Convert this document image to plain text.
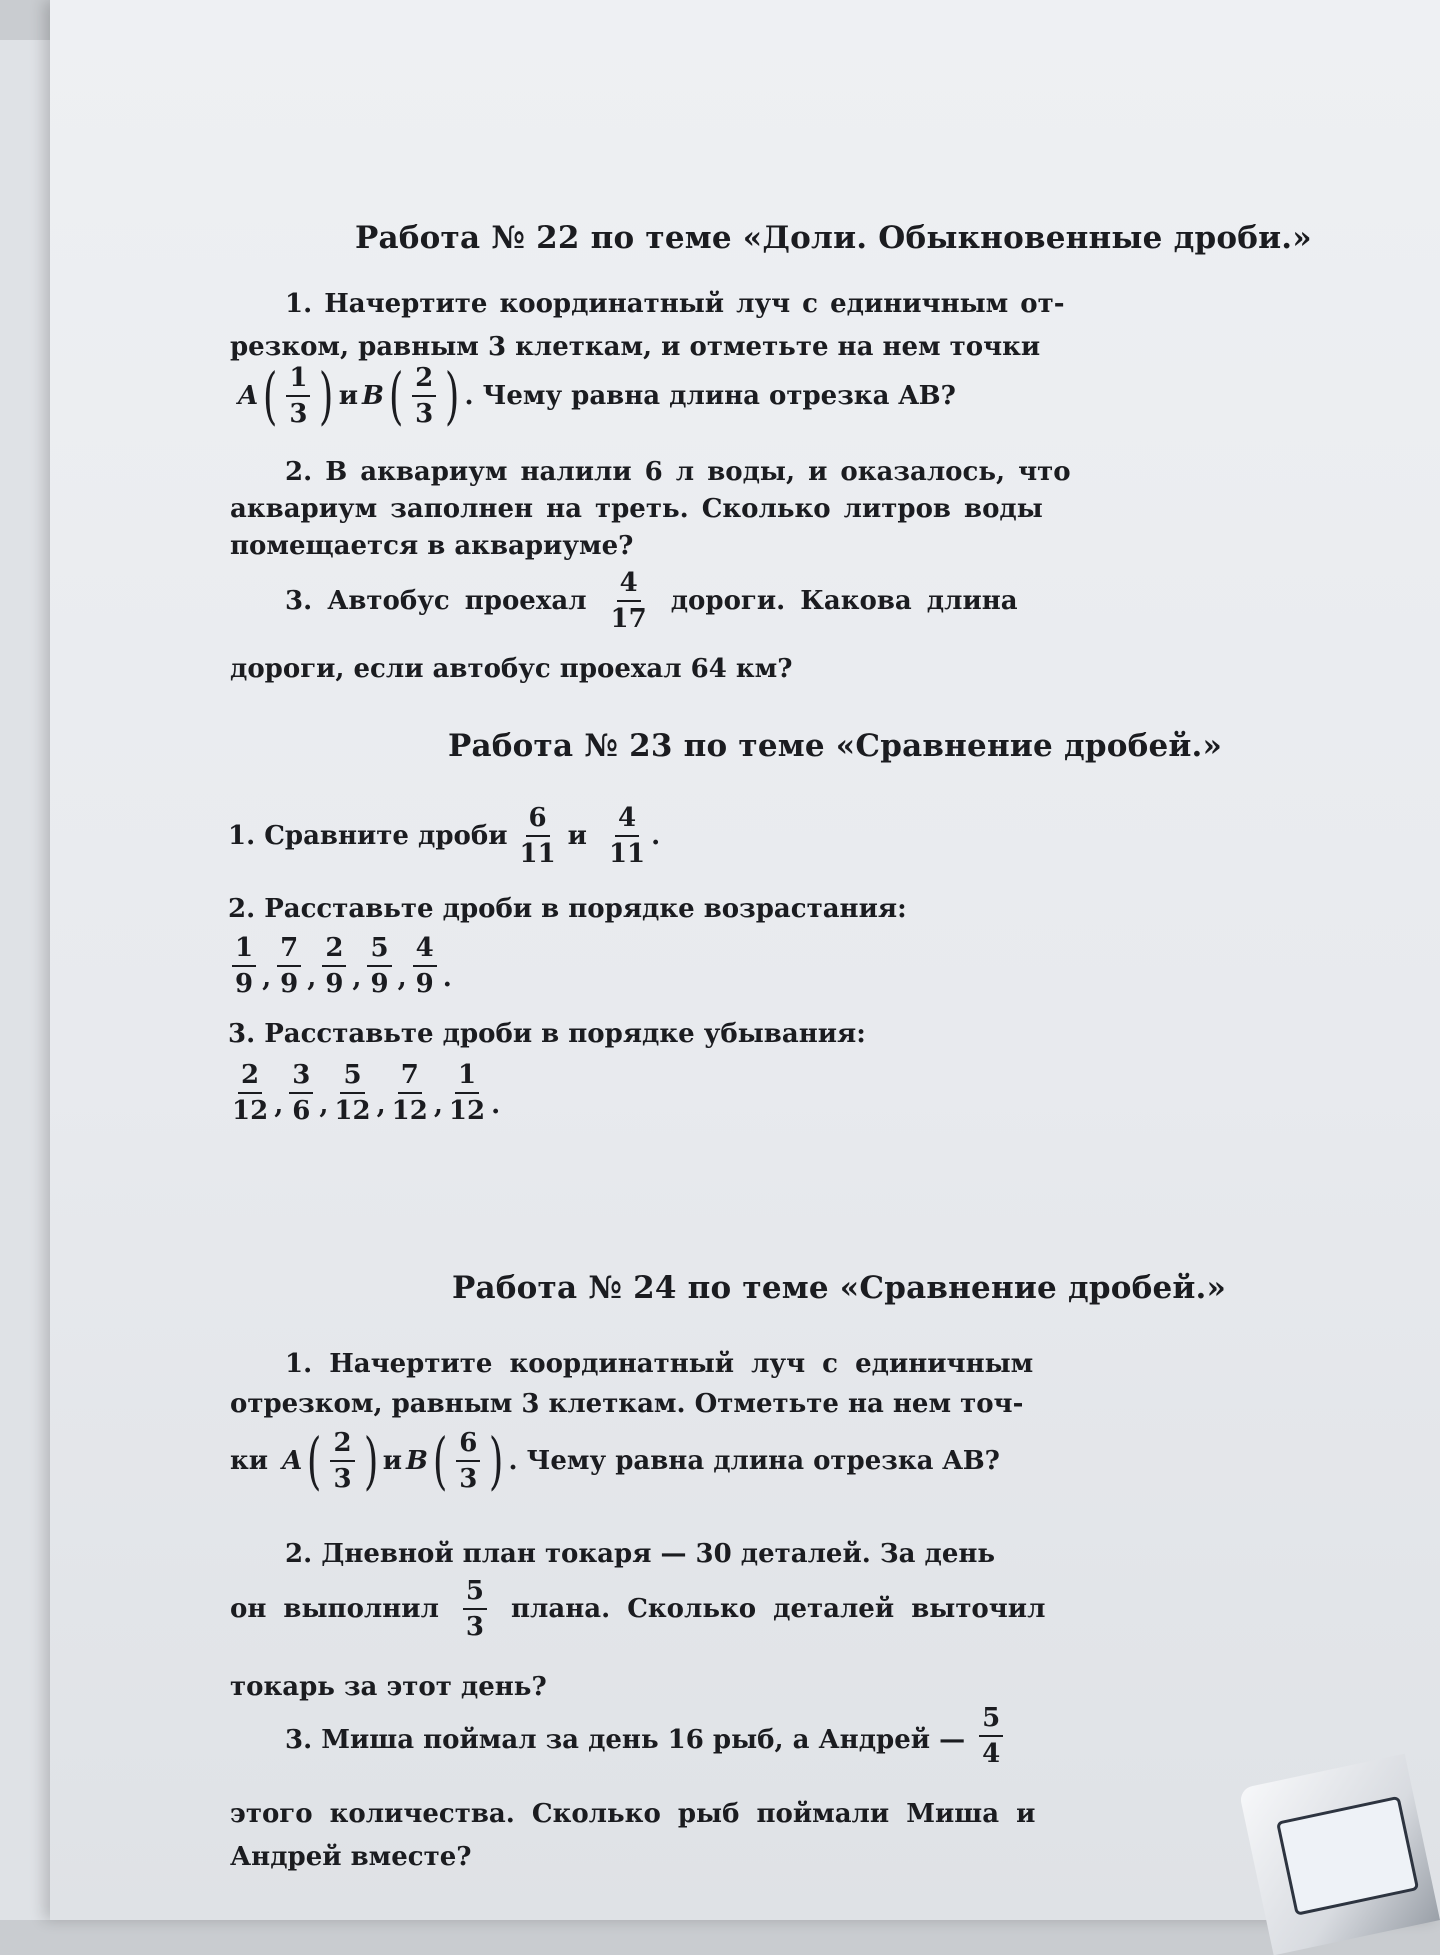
Работа № 22 по теме «Доли. Обыкновенные дроби.»
1. Начертите координатный луч с единичным от-
резком, равным 3 клеткам, и отметьте на нем точки
A ( $\frac{1}{3}$ ) и B ( $\frac{2}{3}$ ) . Чему равна длина отрезка AB?
2. В аквариум налили 6 л воды, и оказалось, что
аквариум заполнен на треть. Сколько литров воды
помещается в аквариуме?
3. Автобус проехал $\frac{4}{17}$ дороги. Какова длина
дороги, если автобус проехал 64 км?
Работа № 23 по теме «Сравнение дробей.»
1. Сравните дроби $\frac{6}{11}$ и $\frac{4}{11}$ .
2. Расставьте дроби в порядке возрастания:
$\frac{1}{9}$ , $\frac{7}{9}$ , $\frac{2}{9}$ , $\frac{5}{9}$ , $\frac{4}{9}$ .
3. Расставьте дроби в порядке убывания:
$\frac{2}{12}$ , $\frac{3}{6}$ , $\frac{5}{12}$ , $\frac{7}{12}$ , $\frac{1}{12}$ .
Работа № 24 по теме «Сравнение дробей.»
1. Начертите координатный луч с единичным
отрезком, равным 3 клеткам. Отметьте на нем точ-
ки A ( $\frac{2}{3}$ ) и B ( $\frac{6}{3}$ ) . Чему равна длина отрезка AB?
2. Дневной план токаря — 30 деталей. За день
он выполнил $\frac{5}{3}$ плана. Сколько деталей выточил
токарь за этот день?
3. Миша поймал за день 16 рыб, а Андрей — $\frac{5}{4}$
этого количества. Сколько рыб поймали Миша и
Андрей вместе?
